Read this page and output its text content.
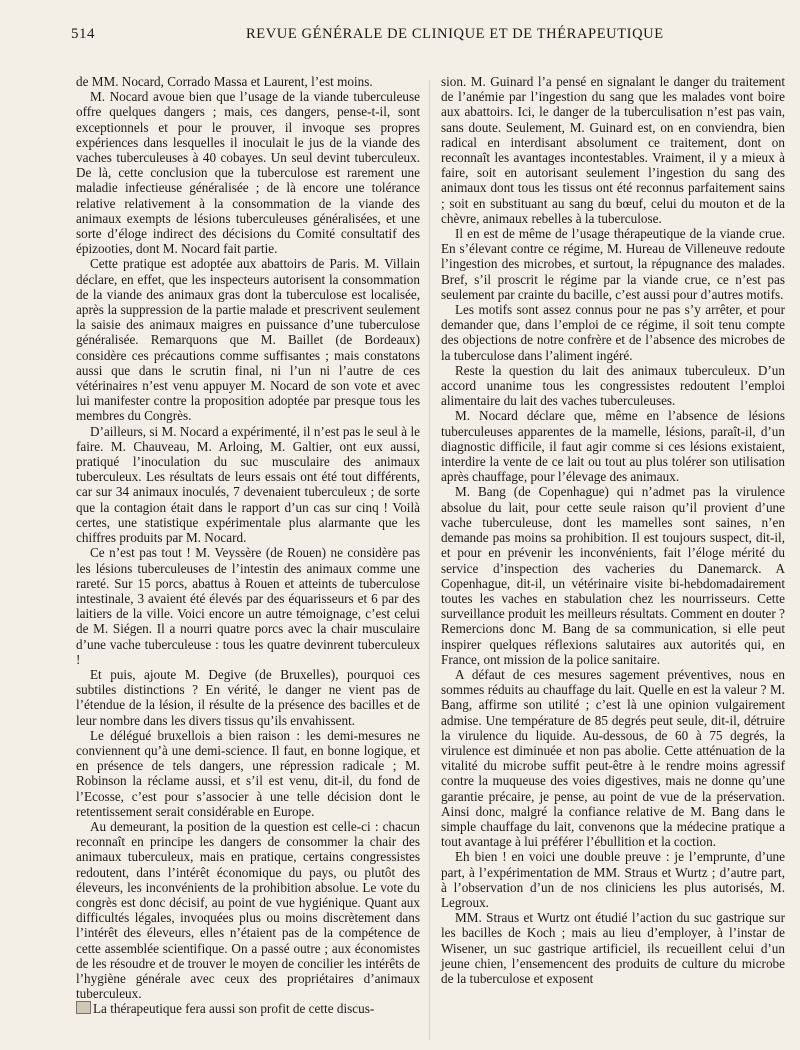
514	REVUE GÉNÉRALE DE CLINIQUE ET DE THÉRAPEUTIQUE

de MM. Nocard, Corrado Massa et Laurent, l’est moins.

M. Nocard avoue bien que l’usage de la viande tuberculeuse offre quelques dangers ; mais, ces dangers, pense-t-il, sont exceptionnels et pour le prouver, il invoque ses propres expériences dans lesquelles il inoculait le jus de la viande des vaches tuberculeuses à 40 cobayes. Un seul devint tuberculeux. De là, cette conclusion que la tuberculose est rarement une maladie infectieuse généralisée ; de là encore une tolérance relative relativement à la consommation de la viande des animaux exempts de lésions tuberculeuses généralisées, et une sorte d’éloge indirect des décisions du Comité consultatif des épizooties, dont M. Nocard fait partie.

Cette pratique est adoptée aux abattoirs de Paris. M. Villain déclare, en effet, que les inspecteurs autorisent la consommation de la viande des animaux gras dont la tuberculose est localisée, après la suppression de la partie malade et prescrivent seulement la saisie des animaux maigres en puissance d’une tuberculose généralisée. Remarquons que M. Baillet (de Bordeaux) considère ces précautions comme suffisantes ; mais constatons aussi que dans le scrutin final, ni l’un ni l’autre de ces vétérinaires n’est venu appuyer M. Nocard de son vote et avec lui manifester contre la proposition adoptée par presque tous les membres du Congrès.

D’ailleurs, si M. Nocard a expérimenté, il n’est pas le seul à le faire. M. Chauveau, M. Arloing, M. Galtier, ont eux aussi, pratiqué l’inoculation du suc musculaire des animaux tuberculeux. Les résultats de leurs essais ont été tout différents, car sur 34 animaux inoculés, 7 devenaient tuberculeux ; de sorte que la contagion était dans le rapport d’un cas sur cinq ! Voilà certes, une statistique expérimentale plus alarmante que les chiffres produits par M. Nocard.

Ce n’est pas tout ! M. Veyssère (de Rouen) ne considère pas les lésions tuberculeuses de l’intestin des animaux comme une rareté. Sur 15 porcs, abattus à Rouen et atteints de tuberculose intestinale, 3 avaient été élevés par des équarisseurs et 6 par des laitiers de la ville. Voici encore un autre témoignage, c’est celui de M. Siégen. Il a nourri quatre porcs avec la chair musculaire d’une vache tuberculeuse : tous les quatre devinrent tuberculeux !

Et puis, ajoute M. Degive (de Bruxelles), pourquoi ces subtiles distinctions ? En vérité, le danger ne vient pas de l’étendue de la lésion, il résulte de la présence des bacilles et de leur nombre dans les divers tissus qu’ils envahissent.

Le délégué bruxellois a bien raison : les demi-mesures ne conviennent qu’à une demi-science. Il faut, en bonne logique, et en présence de tels dangers, une répression radicale ; M. Robinson la réclame aussi, et s’il est venu, dit-il, du fond de l’Ecosse, c’est pour s’associer à une telle décision dont le retentissement serait considérable en Europe.

Au demeurant, la position de la question est celle-ci : chacun reconnaît en principe les dangers de consommer la chair des animaux tuberculeux, mais en pratique, certains congressistes redoutent, dans l’intérêt économique du pays, ou plutôt des éleveurs, les inconvénients de la prohibition absolue. Le vote du congrès est donc décisif, au point de vue hygiénique. Quant aux difficultés légales, invoquées plus ou moins discrètement dans l’intérêt des éleveurs, elles n’étaient pas de la compétence de cette assemblée scientifique. On a passé outre ; aux économistes de les résoudre et de trouver le moyen de concilier les intérêts de l’hygiène générale avec ceux des propriétaires d’animaux tuberculeux.

La thérapeutique fera aussi son profit de cette discus-

sion. M. Guinard l’a pensé en signalant le danger du traitement de l’anémie par l’ingestion du sang que les malades vont boire aux abattoirs. Ici, le danger de la tuberculisation n’est pas vain, sans doute. Seulement, M. Guinard est, on en conviendra, bien radical en interdisant absolument ce traitement, dont on reconnaît les avantages incontestables. Vraiment, il y a mieux à faire, soit en autorisant seulement l’ingestion du sang des animaux dont tous les tissus ont été reconnus parfaitement sains ; soit en substituant au sang du bœuf, celui du mouton et de la chèvre, animaux rebelles à la tuberculose.

Il en est de même de l’usage thérapeutique de la viande crue. En s’élevant contre ce régime, M. Hureau de Villeneuve redoute l’ingestion des microbes, et surtout, la répugnance des malades. Bref, s’il proscrit le régime par la viande crue, ce n’est pas seulement par crainte du bacille, c’est aussi pour d’autres motifs.

Les motifs sont assez connus pour ne pas s’y arrêter, et pour demander que, dans l’emploi de ce régime, il soit tenu compte des objections de notre confrère et de l’absence des microbes de la tuberculose dans l’aliment ingéré.

Reste la question du lait des animaux tuberculeux. D’un accord unanime tous les congressistes redoutent l’emploi alimentaire du lait des vaches tuberculeuses.

M. Nocard déclare que, même en l’absence de lésions tuberculeuses apparentes de la mamelle, lésions, paraît-il, d’un diagnostic difficile, il faut agir comme si ces lésions existaient, interdire la vente de ce lait ou tout au plus tolérer son utilisation après chauffage, pour l’élevage des animaux.

M. Bang (de Copenhague) qui n’admet pas la virulence absolue du lait, pour cette seule raison qu’il provient d’une vache tuberculeuse, dont les mamelles sont saines, n’en demande pas moins sa prohibition. Il est toujours suspect, dit-il, et pour en prévenir les inconvénients, fait l’éloge mérité du service d’inspection des vacheries du Danemarck. A Copenhague, dit-il, un vétérinaire visite bi-hebdomadairement toutes les vaches en stabulation chez les nourrisseurs. Cette surveillance produit les meilleurs résultats. Comment en douter ? Remercions donc M. Bang de sa communication, si elle peut inspirer quelques réflexions salutaires aux autorités qui, en France, ont mission de la police sanitaire.

A défaut de ces mesures sagement préventives, nous en sommes réduits au chauffage du lait. Quelle en est la valeur ? M. Bang, affirme son utilité ; c’est là une opinion vulgairement admise. Une température de 85 degrés peut seule, dit-il, détruire la virulence du liquide. Au-dessous, de 60 à 75 degrés, la virulence est diminuée et non pas abolie. Cette atténuation de la vitalité du microbe suffit peut-être à le rendre moins agressif contre la muqueuse des voies digestives, mais ne donne qu’une garantie précaire, je pense, au point de vue de la préservation. Ainsi donc, malgré la confiance relative de M. Bang dans le simple chauffage du lait, convenons que la médecine pratique a tout avantage à lui préférer l’ébullition et la coction.

Eh bien ! en voici une double preuve : je l’emprunte, d’une part, à l’expérimentation de MM. Straus et Wurtz ; d’autre part, à l’observation d’un de nos cliniciens les plus autorisés, M. Legroux.

MM. Straus et Wurtz ont étudié l’action du suc gastrique sur les bacilles de Koch ; mais au lieu d’employer, à l’instar de Wisener, un suc gastrique artificiel, ils recueillent celui d’un jeune chien, l’ensemencent des produits de culture du microbe de la tuberculose et exposent
